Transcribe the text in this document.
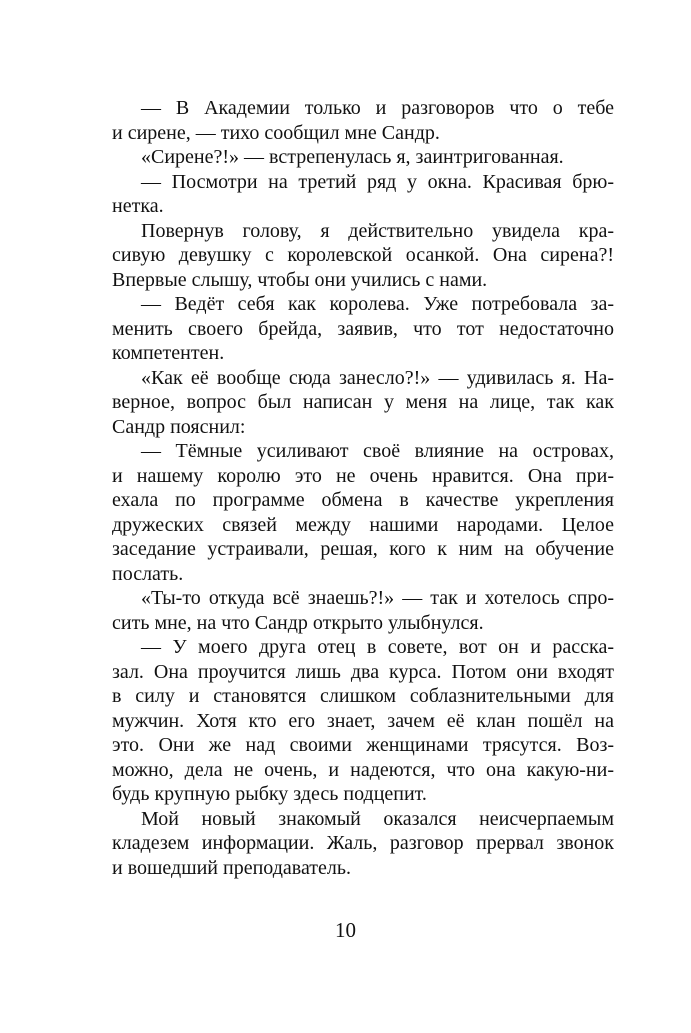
— В Академии только и разговоров что о тебе
и сирене, — тихо сообщил мне Сандр.
«Сирене?!» — встрепенулась я, заинтригованная.
— Посмотри на третий ряд у окна. Красивая брю-
нетка.
Повернув голову, я действительно увидела кра-
сивую девушку с королевской осанкой. Она сирена?!
Впервые слышу, чтобы они учились с нами.
— Ведёт себя как королева. Уже потребовала за-
менить своего брейда, заявив, что тот недостаточно
компетентен.
«Как её вообще сюда занесло?!» — удивилась я. На-
верное, вопрос был написан у меня на лице, так как
Сандр пояснил:
— Тёмные усиливают своё влияние на островах,
и нашему королю это не очень нравится. Она при-
ехала по программе обмена в качестве укрепления
дружеских связей между нашими народами. Целое
заседание устраивали, решая, кого к ним на обучение
послать.
«Ты-то откуда всё знаешь?!» — так и хотелось спро-
сить мне, на что Сандр открыто улыбнулся.
— У моего друга отец в совете, вот он и расска-
зал. Она проучится лишь два курса. Потом они входят
в силу и становятся слишком соблазнительными для
мужчин. Хотя кто его знает, зачем её клан пошёл на
это. Они же над своими женщинами трясутся. Воз-
можно, дела не очень, и надеются, что она какую-ни-
будь крупную рыбку здесь подцепит.
Мой новый знакомый оказался неисчерпаемым
кладезем информации. Жаль, разговор прервал звонок
и вошедший преподаватель.
10
